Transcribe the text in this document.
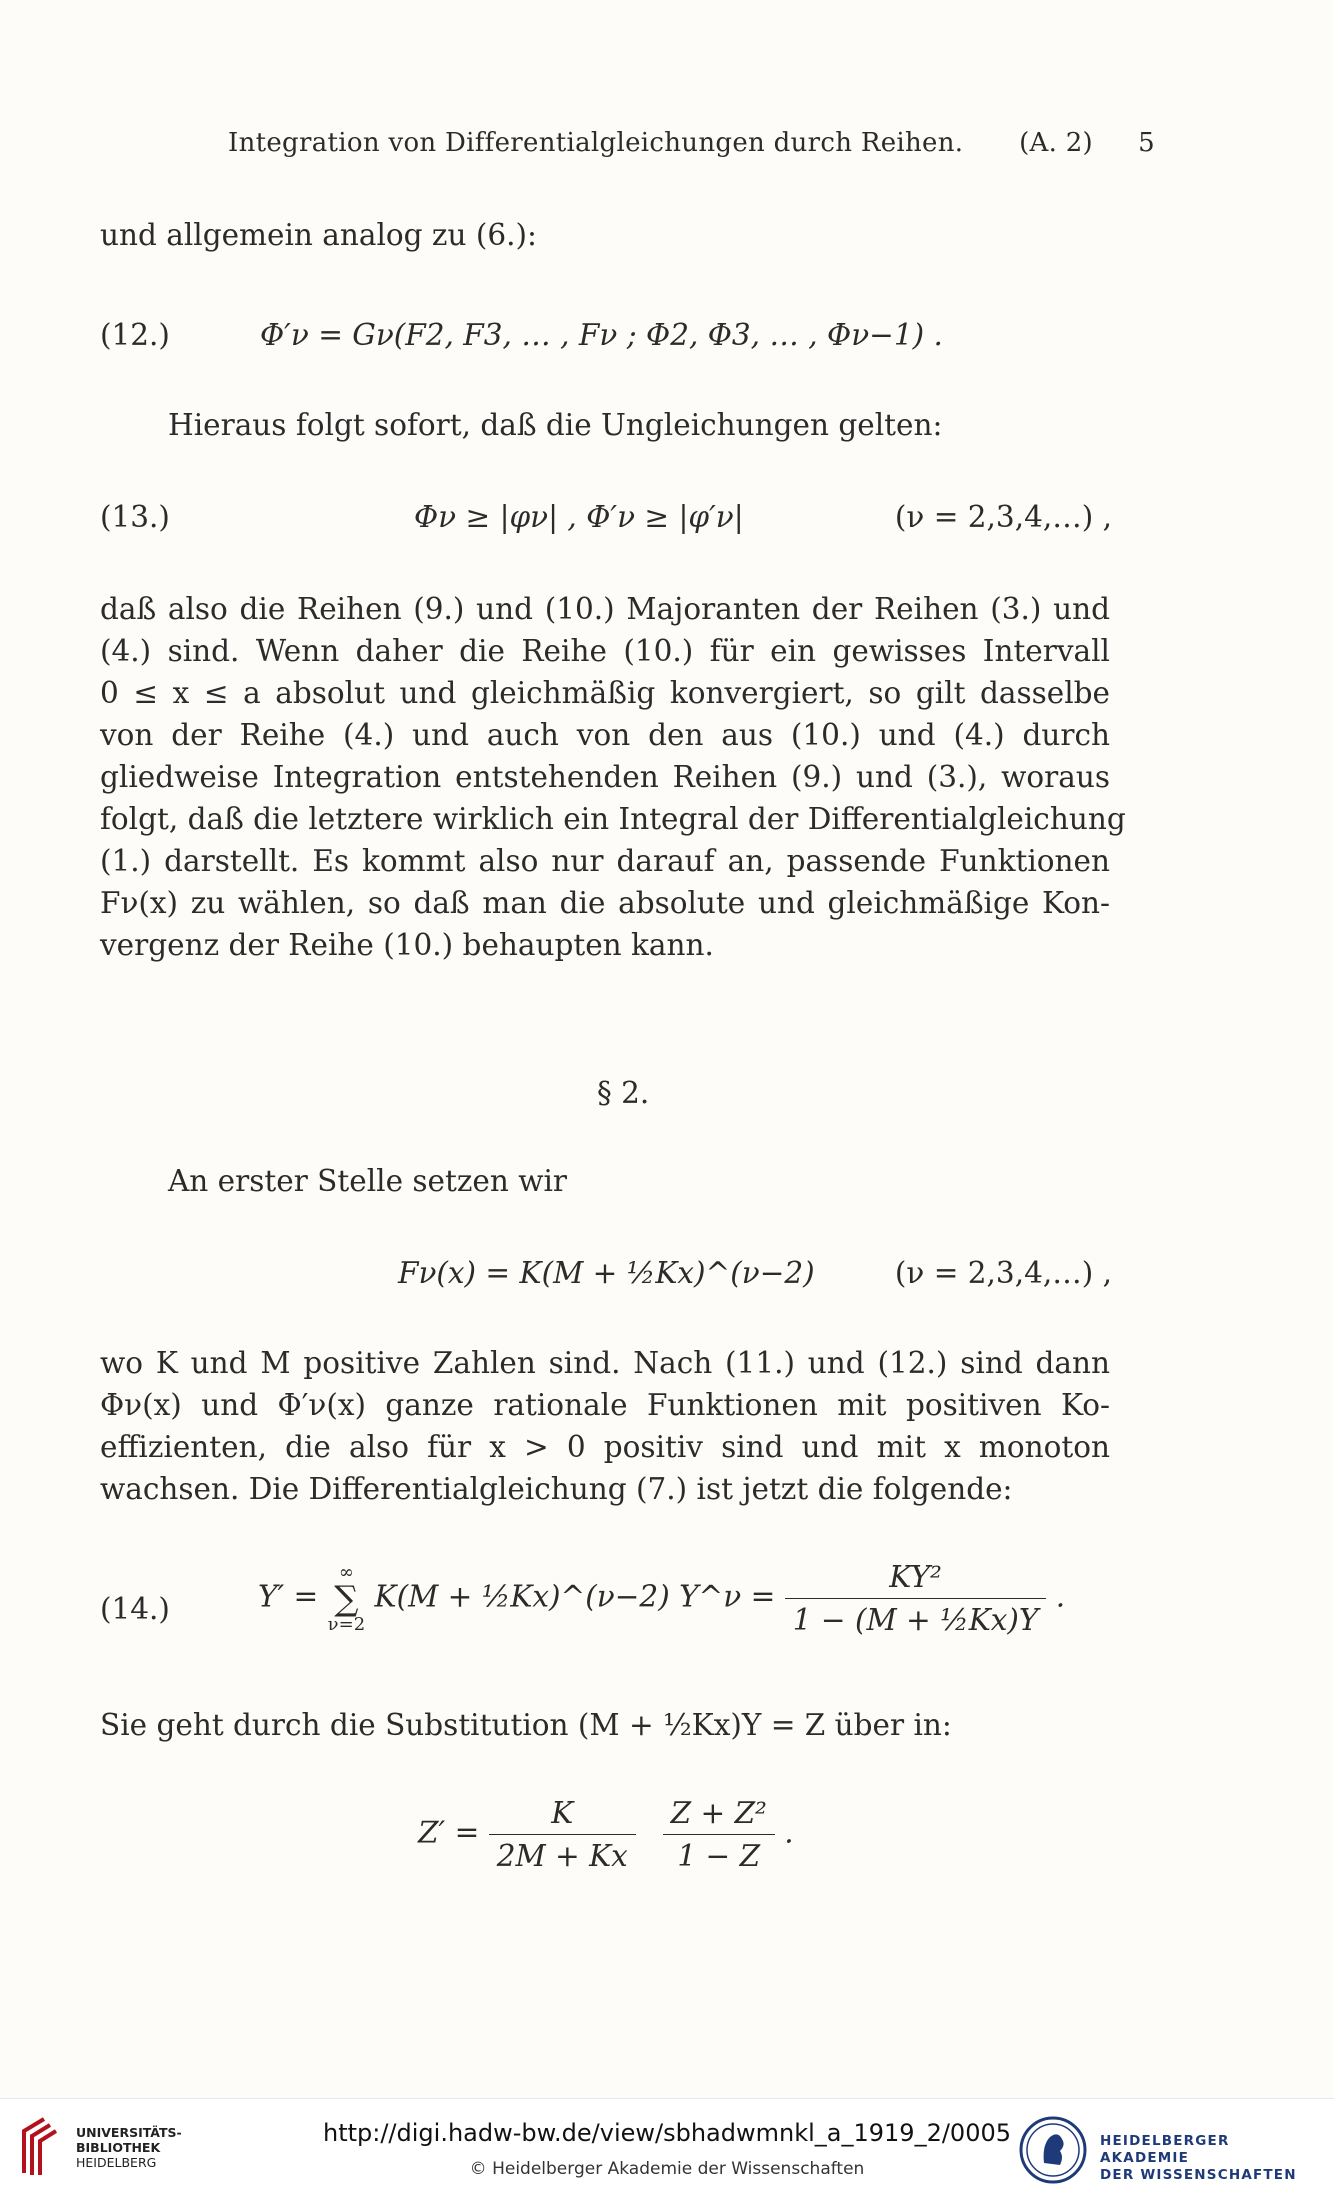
Integration von Differentialgleichungen durch Reihen. (A. 2) 5
und allgemein analog zu (6.):
(12.)	Φ′ν = Gν(F2, F3, … , Fν ; Φ2, Φ3, … , Φν−1) .
Hieraus folgt sofort, daß die Ungleichungen gelten:
(13.)	Φν ≥ |φν| , Φ′ν ≥ |φ′ν|	(ν = 2,3,4,…) ,
daß also die Reihen (9.) und (10.) Majoranten der Reihen (3.) und
(4.) sind. Wenn daher die Reihe (10.) für ein gewisses Intervall
0 ≤ x ≤ a absolut und gleichmäßig konvergiert, so gilt dasselbe
von der Reihe (4.) und auch von den aus (10.) und (4.) durch
gliedweise Integration entstehenden Reihen (9.) und (3.), woraus
folgt, daß die letztere wirklich ein Integral der Differentialgleichung
(1.) darstellt. Es kommt also nur darauf an, passende Funktionen
Fν(x) zu wählen, so daß man die absolute und gleichmäßige Kon-
vergenz der Reihe (10.) behaupten kann.
§ 2.
An erster Stelle setzen wir
Fν(x) = K(M + ½Kx)^(ν−2)	(ν = 2,3,4,…) ,
wo K und M positive Zahlen sind. Nach (11.) und (12.) sind dann
Φν(x) und Φ′ν(x) ganze rationale Funktionen mit positiven Ko-
effizienten, die also für x > 0 positiv sind und mit x monoton
wachsen. Die Differentialgleichung (7.) ist jetzt die folgende:
(14.)	Y′ =
∞
∑
ν=2
K(M + ½Kx)^(ν−2) Y^ν = $\frac{\text{KY²}}{\text{1 − (M + ½Kx)Y}}$ .
Sie geht durch die Substitution (M + ½Kx)Y = Z über in:
$Z' = \frac{K}{2M + Kx}$
$\frac{\text{Z + Z²}}{1 - Z}$ .
UNIVERSITÄTS-
BIBLIOTHEK
HEIDELBERG
http://digi.hadw-bw.de/view/sbhadwmnkl_a_1919_2/0005
© Heidelberger Akademie der Wissenschaften
HEIDELBERGER AKADEMIE
DER WISSENSCHAFTEN
